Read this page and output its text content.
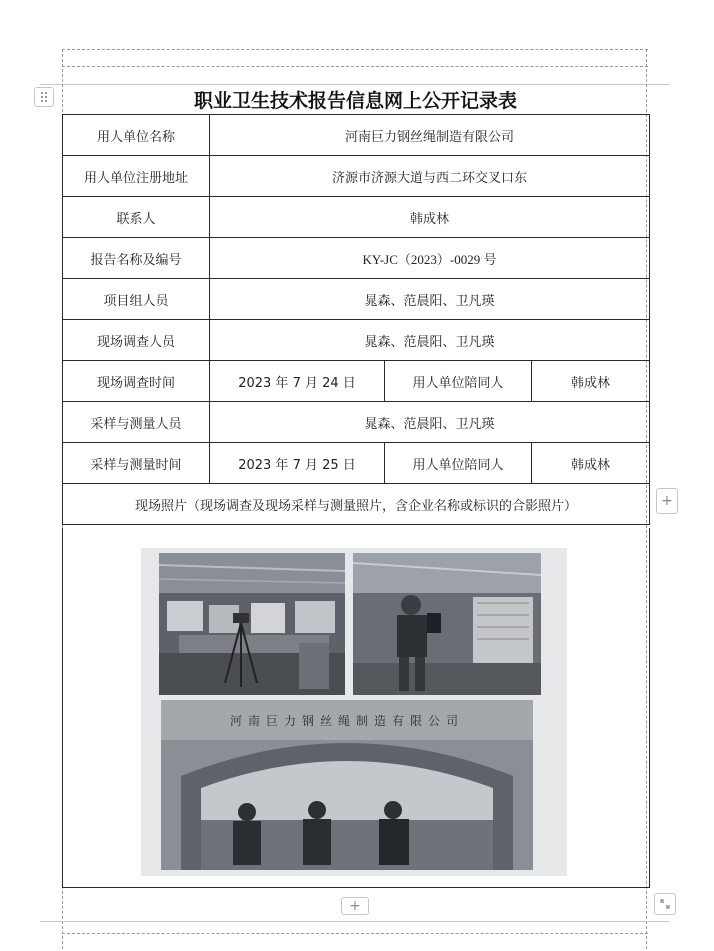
职业卫生技术报告信息网上公开记录表
用人单位名称	河南巨力钢丝绳制造有限公司		
用人单位注册地址	济源市济源大道与西二环交叉口东		
联系人	韩成林		
报告名称及编号	KY-JC（2023）-0029 号		
项目组人员	晁森、范晨阳、卫凡瑛		
现场调查人员	晁森、范晨阳、卫凡瑛		
现场调查时间	2023 年 7 月 24 日	用人单位陪同人	韩成林
采样与测量人员	晁森、范晨阳、卫凡瑛		
采样与测量时间	2023 年 7 月 25 日	用人单位陪同人	韩成林
现场照片（现场调查及现场采样与测量照片，含企业名称或标识的合影照片）			
河南巨力钢丝绳制造有限公司
+
+
